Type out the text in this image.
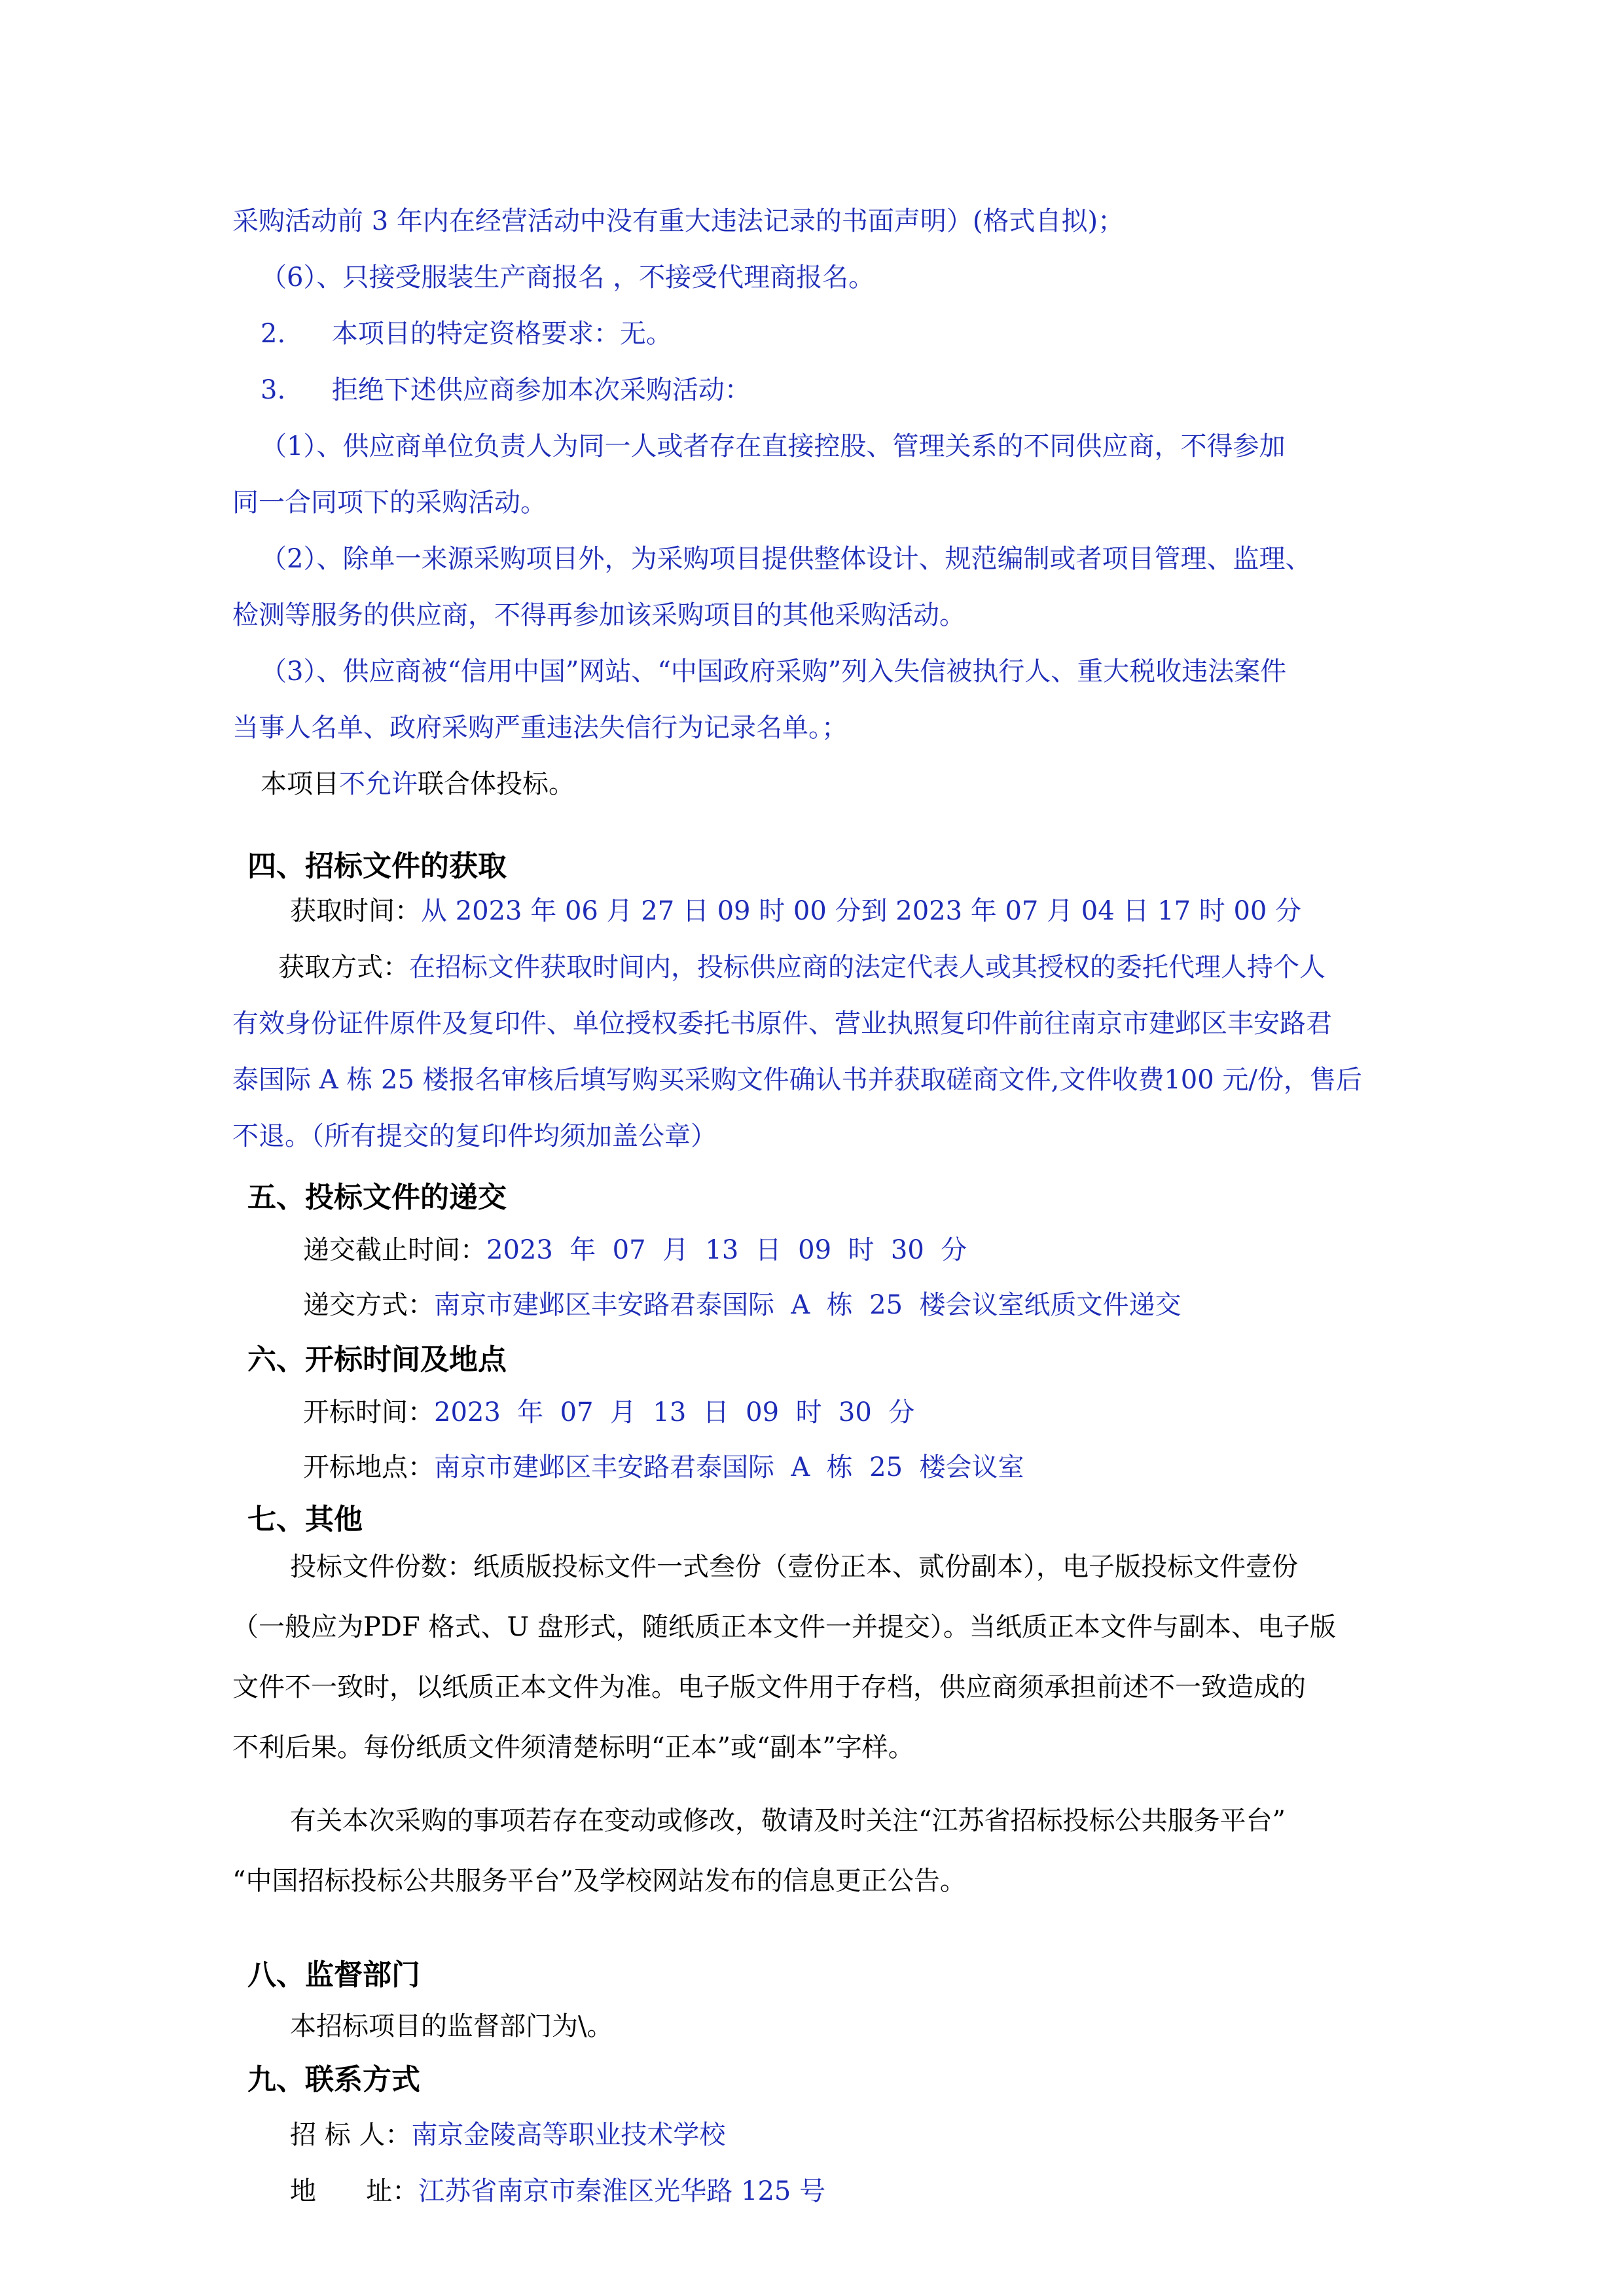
采购活动前 3 年内在经营活动中没有重大违法记录的书面声明）(格式自拟)；
（6）、只接受服装生产商报名 ，不接受代理商报名。
2. 本项目的特定资格要求：无。
3. 拒绝下述供应商参加本次采购活动：
（1）、供应商单位负责人为同一人或者存在直接控股、管理关系的不同供应商，不得参加
同一合同项下的采购活动。
（2）、除单一来源采购项目外，为采购项目提供整体设计、规范编制或者项目管理、监理、
检测等服务的供应商，不得再参加该采购项目的其他采购活动。
（3）、供应商被“信用中国”网站、“中国政府采购”列入失信被执行人、重大税收违法案件
当事人名单、政府采购严重违法失信行为记录名单。；
本项目不允许联合体投标。
四、招标文件的获取
获取时间：从 2023 年 06 月 27 日 09 时 00 分到 2023 年 07 月 04 日 17 时 00 分
获取方式：在招标文件获取时间内，投标供应商的法定代表人或其授权的委托代理人持个人
有效身份证件原件及复印件、单位授权委托书原件、营业执照复印件前往南京市建邺区丰安路君
泰国际 A 栋 25 楼报名审核后填写购买采购文件确认书并获取磋商文件,文件收费100 元/份，售后
不退。（所有提交的复印件均须加盖公章）
五、投标文件的递交
递交截止时间：2023  年  07  月  13  日  09  时  30  分
递交方式：南京市建邺区丰安路君泰国际  A  栋  25  楼会议室纸质文件递交
六、开标时间及地点
开标时间：2023  年  07  月  13  日  09  时  30  分
开标地点：南京市建邺区丰安路君泰国际  A  栋  25  楼会议室
七、其他
投标文件份数：纸质版投标文件一式叁份（壹份正本、贰份副本），电子版投标文件壹份
（一般应为PDF 格式、U 盘形式，随纸质正本文件一并提交）。当纸质正本文件与副本、电子版
文件不一致时，以纸质正本文件为准。电子版文件用于存档，供应商须承担前述不一致造成的
不利后果。每份纸质文件须清楚标明“正本”或“副本”字样。
有关本次采购的事项若存在变动或修改，敬请及时关注“江苏省招标投标公共服务平台”
“中国招标投标公共服务平台”及学校网站发布的信息更正公告。
八、监督部门
本招标项目的监督部门为\。
九、联系方式
招 标 人：南京金陵高等职业技术学校
地      址：江苏省南京市秦淮区光华路 125 号
